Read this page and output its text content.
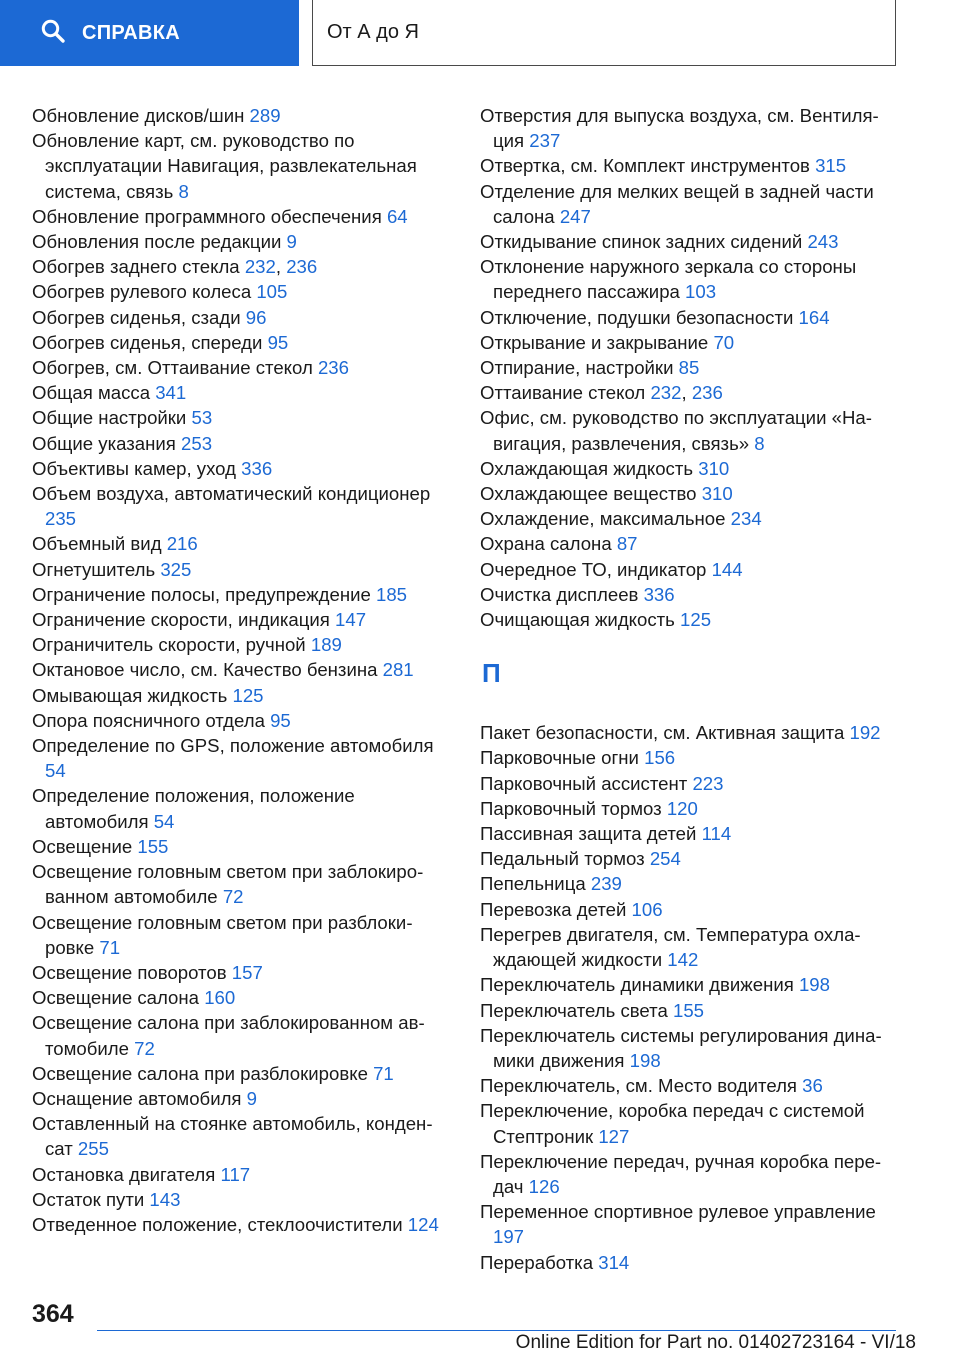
СПРАВКА	От А до Я

Обновление дисков/шин 289

Обновление карт, см. руководство по эксплуатации Навигация, развлекательная система, связь 8

Обновление программного обеспечения 64

Обновления после редакции 9

Обогрев заднего стекла 232, 236

Обогрев рулевого колеса 105

Обогрев сиденья, сзади 96

Обогрев сиденья, спереди 95

Обогрев, см. Оттаивание стекол 236

Общая масса 341

Общие настройки 53

Общие указания 253

Объективы камер, уход 336

Объем воздуха, автоматический кондиционер 235

Объемный вид 216

Огнетушитель 325

Ограничение полосы, предупреждение 185

Ограничение скорости, индикация 147

Ограничитель скорости, ручной 189

Октановое число, см. Качество бензина 281

Омывающая жидкость 125

Опора поясничного отдела 95

Определение по GPS, положение автомобиля 54

Определение положения, положение автомобиля 54

Освещение 155

Освещение головным светом при заблокированном автомобиле 72

Освещение головным светом при разблокировке 71

Освещение поворотов 157

Освещение салона 160

Освещение салона при заблокированном автомобиле 72

Освещение салона при разблокировке 71

Оснащение автомобиля 9

Оставленный на стоянке автомобиль, конденсат 255

Остановка двигателя 117

Остаток пути 143

Отведенное положение, стеклоочистители 124

Отверстия для выпуска воздуха, см. Вентиляция 237

Отвертка, см. Комплект инструментов 315

Отделение для мелких вещей в задней части салона 247

Откидывание спинок задних сидений 243

Отклонение наружного зеркала со стороны переднего пассажира 103

Отключение, подушки безопасности 164

Открывание и закрывание 70

Отпирание, настройки 85

Оттаивание стекол 232, 236

Офис, см. руководство по эксплуатации «Навигация, развлечения, связь» 8

Охлаждающая жидкость 310

Охлаждающее вещество 310

Охлаждение, максимальное 234

Охрана салона 87

Очередное ТО, индикатор 144

Очистка дисплеев 336

Очищающая жидкость 125

П

Пакет безопасности, см. Активная защита 192

Парковочные огни 156

Парковочный ассистент 223

Парковочный тормоз 120

Пассивная защита детей 114

Педальный тормоз 254

Пепельница 239

Перевозка детей 106

Перегрев двигателя, см. Температура охлаждающей жидкости 142

Переключатель динамики движения 198

Переключатель света 155

Переключатель системы регулирования динамики движения 198

Переключатель, см. Место водителя 36

Переключение, коробка передач с системой Стептроник 127

Переключение передач, ручная коробка передач 126

Переменное спортивное рулевое управление 197

Переработка 314

364
Online Edition for Part no. 01402723164 - VI/18
